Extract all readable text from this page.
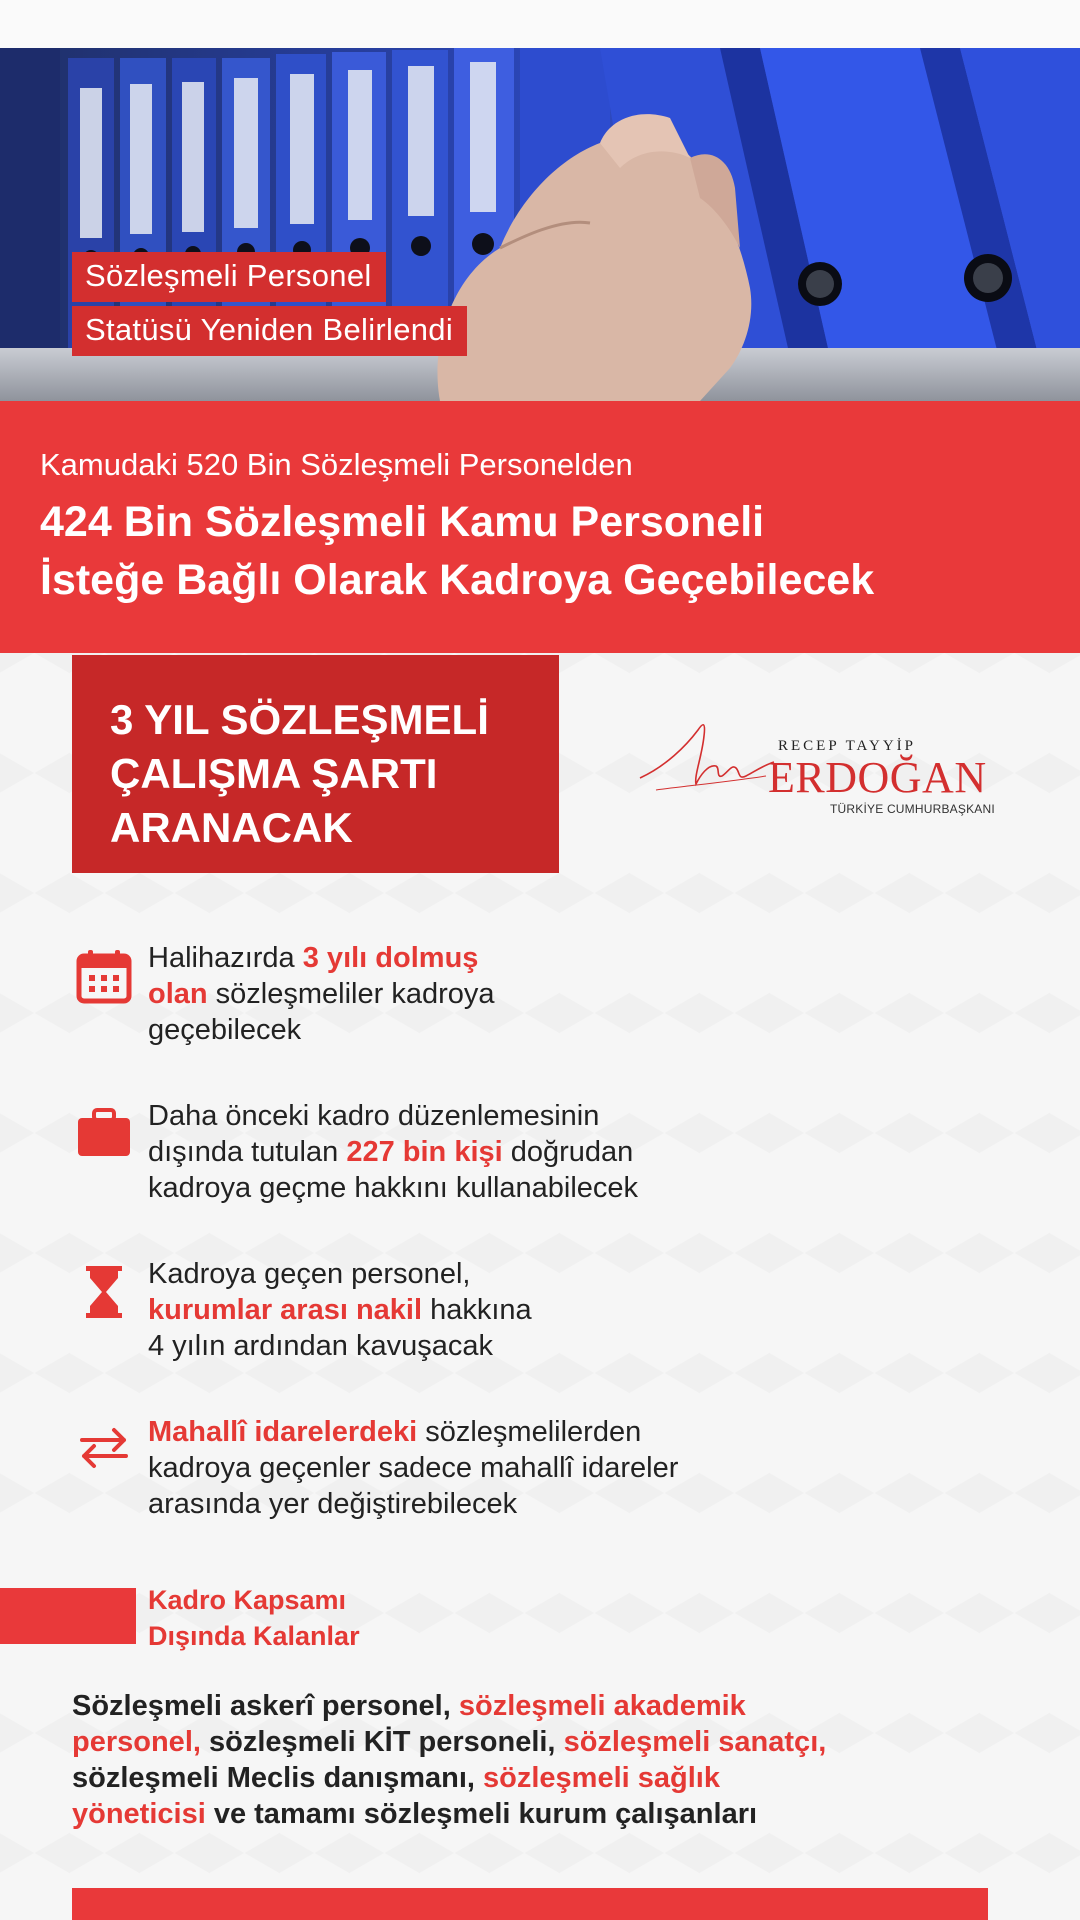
Sözleşmeli Personel
Statüsü Yeniden Belirlendi
Kamudaki 520 Bin Sözleşmeli Personelden
424 Bin Sözleşmeli Kamu Personeli
İsteğe Bağlı Olarak Kadroya Geçebilecek
3 YIL SÖZLEŞMELİ
ÇALIŞMA ŞARTI
ARANACAK
RECEP TAYYİP
ERDOĞAN
TÜRKİYE CUMHURBAŞKANI
Halihazırda 3 yılı dolmuş
olan sözleşmeliler kadroya
geçebilecek
Daha önceki kadro düzenlemesinin
dışında tutulan 227 bin kişi doğrudan
kadroya geçme hakkını kullanabilecek
Kadroya geçen personel,
kurumlar arası nakil hakkına
4 yılın ardından kavuşacak
Mahallî idarelerdeki sözleşmelilerden
kadroya geçenler sadece mahallî idareler
arasında yer değiştirebilecek
Kadro Kapsamı
Dışında Kalanlar
Sözleşmeli askerî personel, sözleşmeli akademik
personel, sözleşmeli KİT personeli, sözleşmeli sanatçı,
sözleşmeli Meclis danışmanı, sözleşmeli sağlık
yöneticisi ve tamamı sözleşmeli kurum çalışanları
